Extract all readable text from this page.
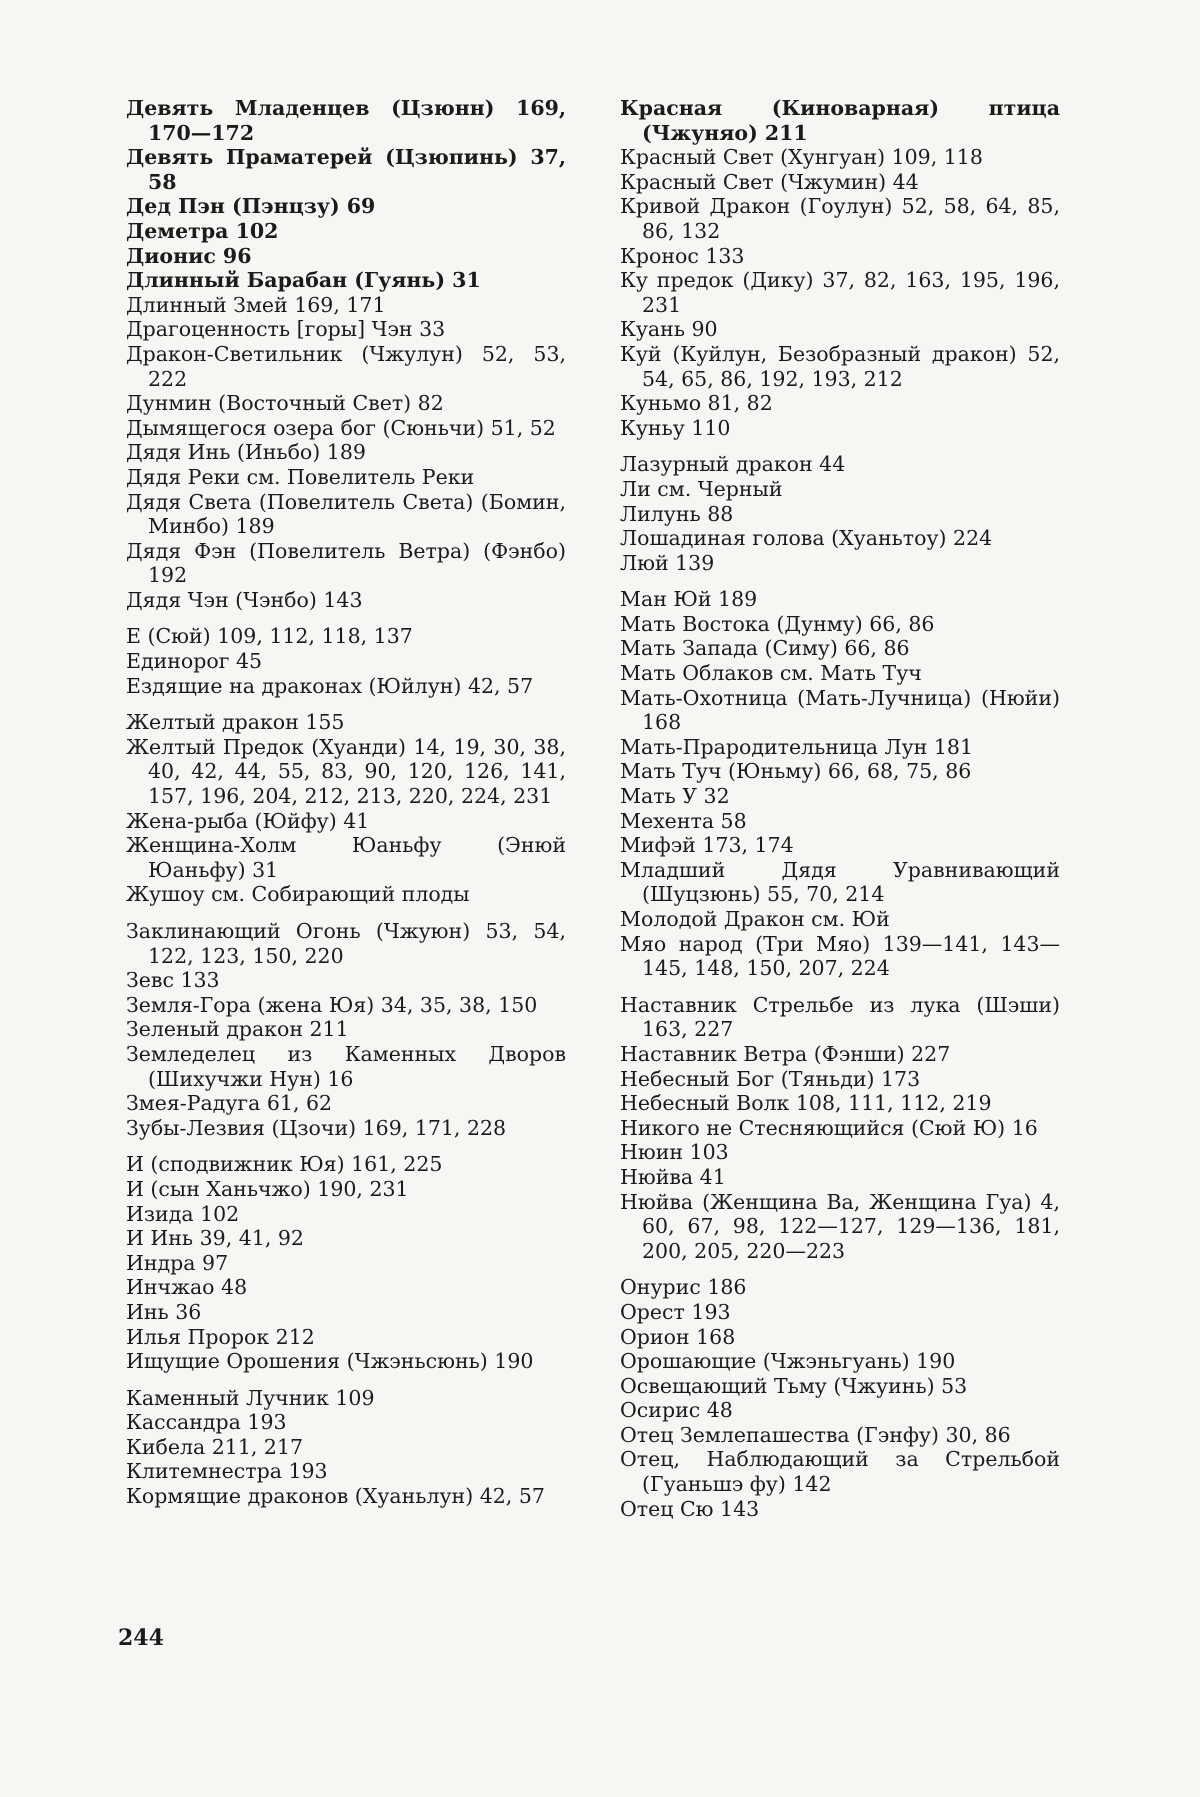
Девять Младенцев (Цзюнн) 169, 170—172

Девять Праматерей (Цзюпинь) 37, 58

Дед Пэн (Пэнцзу) 69

Деметра 102

Дионис 96

Длинный Барабан (Гуянь) 31

Длинный Змей 169, 171

Драгоценность [горы] Чэн 33

Дракон-Светильник (Чжулун) 52, 53, 222

Дунмин (Восточный Свет) 82

Дымящегося озера бог (Сюньчи) 51, 52

Дядя Инь (Иньбо) 189

Дядя Реки см. Повелитель Реки

Дядя Света (Повелитель Света) (Бомин, Минбо) 189

Дядя Фэн (Повелитель Ветра) (Фэнбо) 192

Дядя Чэн (Чэнбо) 143

Е (Сюй) 109, 112, 118, 137

Единорог 45

Ездящие на драконах (Юйлун) 42, 57

Желтый дракон 155

Желтый Предок (Хуанди) 14, 19, 30, 38, 40, 42, 44, 55, 83, 90, 120, 126, 141, 157, 196, 204, 212, 213, 220, 224, 231

Жена-рыба (Юйфу) 41

Женщина-Холм Юаньфу (Энюй Юаньфу) 31

Жушоу см. Собирающий плоды

Заклинающий Огонь (Чжуюн) 53, 54, 122, 123, 150, 220

Зевс 133

Земля-Гора (жена Юя) 34, 35, 38, 150

Зеленый дракон 211

Земледелец из Каменных Дворов (Шихучжи Нун) 16

Змея-Радуга 61, 62

Зубы-Лезвия (Цзочи) 169, 171, 228

И (сподвижник Юя) 161, 225

И (сын Ханьчжо) 190, 231

Изида 102

И Инь 39, 41, 92

Индра 97

Инчжао 48

Инь 36

Илья Пророк 212

Ищущие Орошения (Чжэньсюнь) 190

Каменный Лучник 109

Кассандра 193

Кибела 211, 217

Клитемнестра 193

Кормящие драконов (Хуаньлун) 42, 57

Красная (Киноварная) птица (Чжуняо) 211

Красный Свет (Хунгуан) 109, 118

Красный Свет (Чжумин) 44

Кривой Дракон (Гоулун) 52, 58, 64, 85, 86, 132

Кронос 133

Ку предок (Дику) 37, 82, 163, 195, 196, 231

Куань 90

Куй (Куйлун, Безобразный дракон) 52, 54, 65, 86, 192, 193, 212

Куньмо 81, 82

Куньу 110

Лазурный дракон 44

Ли см. Черный

Лилунь 88

Лошадиная голова (Хуаньтоу) 224

Люй 139

Ман Юй 189

Мать Востока (Дунму) 66, 86

Мать Запада (Симу) 66, 86

Мать Облаков см. Мать Туч

Мать-Охотница (Мать-Лучница) (Нюйи) 168

Мать-Прародительница Лун 181

Мать Туч (Юньму) 66, 68, 75, 86

Мать У 32

Мехента 58

Мифэй 173, 174

Младший Дядя Уравнивающий (Шуцзюнь) 55, 70, 214

Молодой Дракон см. Юй

Мяо народ (Три Мяо) 139—141, 143—145, 148, 150, 207, 224

Наставник Стрельбе из лука (Шэши) 163, 227

Наставник Ветра (Фэнши) 227

Небесный Бог (Тяньди) 173

Небесный Волк 108, 111, 112, 219

Никого не Стесняющийся (Сюй Ю) 16

Нюин 103

Нюйва 41

Нюйва (Женщина Ва, Женщина Гуа) 4, 60, 67, 98, 122—127, 129—136, 181, 200, 205, 220—223

Онурис 186

Орест 193

Орион 168

Орошающие (Чжэньгуань) 190

Освещающий Тьму (Чжуинь) 53

Осирис 48

Отец Землепашества (Гэнфу) 30, 86

Отец, Наблюдающий за Стрельбой (Гуаньшэ фу) 142

Отец Сю 143

244
